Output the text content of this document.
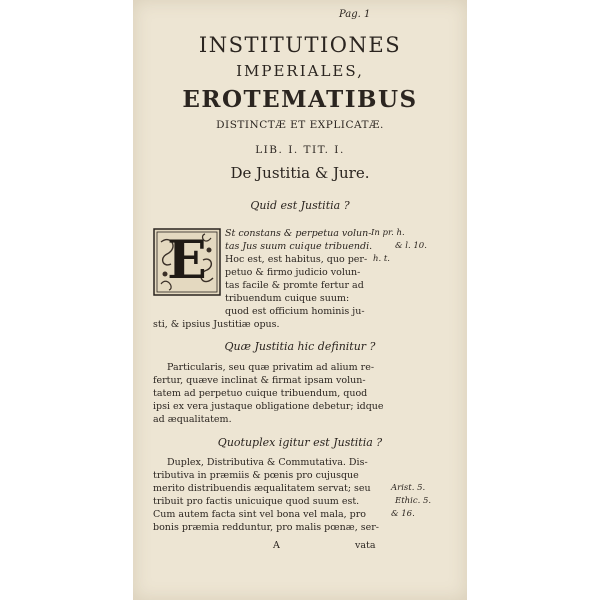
Pag. 1
INSTITUTIONES
IMPERIALES,
EROTEMATIBUS
DISTINCTÆ ET EXPLICATÆ.
LIB. I. TIT. I.
De Justitia & Jure.
Quid est Justitia ?
E	St constans & perpetua volun-
tas Jus suum cuique tribuendi.
Hoc est, est habitus, quo per-
petuo & firmo judicio volun-
tas facile & promte fertur ad
tribuendum cuique suum:
quod est officium hominis ju-
sti, & ipsius Justitiæ opus.
In pr. h.
& l. 10.
h. t.
Quæ Justitia hic definitur ?
Particularis, seu quæ privatim ad alium re-
fertur, quæve inclinat & firmat ipsam volun-
tatem ad perpetuo cuique tribuendum, quod
ipsi ex vera justaque obligatione debetur; idque
ad æqualitatem.
Quotuplex igitur est Justitia ?
Duplex, Distributiva & Commutativa. Dis-
tributiva in præmiis & pœnis pro cujusque
merito distribuendis æqualitatem servat; seu
tribuit pro factis unicuique quod suum est.
Cum autem facta sint vel bona vel mala, pro
bonis præmia redduntur, pro malis pœnæ, ser-
Arist. 5.
Ethic. 5.
& 16.
A	vata
